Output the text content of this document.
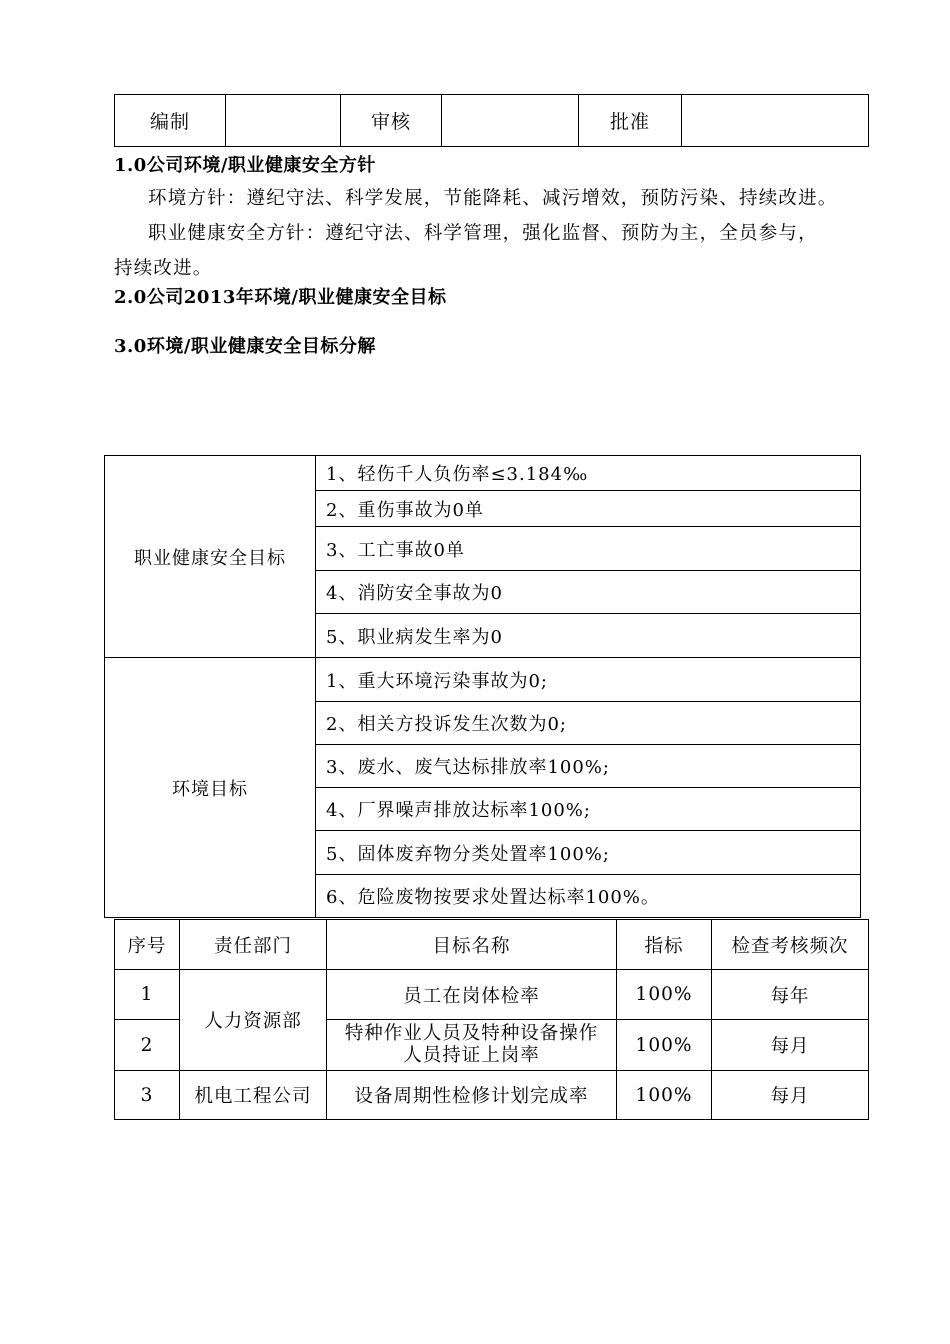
编制		审核		批准	
1.0公司环境/职业健康安全方针
环境方针：遵纪守法、科学发展，节能降耗、减污增效，预防污染、持续改进。
职业健康安全方针：遵纪守法、科学管理，强化监督、预防为主，全员参与，
持续改进。
2.0公司2013年环境/职业健康安全目标
3.0环境/职业健康安全目标分解
职业健康安全目标	1、轻伤千人负伤率≤3.184‰
	2、重伤事故为0单
	3、工亡事故0单
	4、消防安全事故为0
	5、职业病发生率为0
环境目标	1、重大环境污染事故为0;
	2、相关方投诉发生次数为0;
	3、废水、废气达标排放率100%;
	4、厂界噪声排放达标率100%;
	5、固体废弃物分类处置率100%;
	6、危险废物按要求处置达标率100%。
序号	责任部门	目标名称	指标	检查考核频次
1	人力资源部	员工在岗体检率	100%	每年
2		特种作业人员及特种设备操作
人员持证上岗率	100%	每月
3	机电工程公司	设备周期性检修计划完成率	100%	每月
